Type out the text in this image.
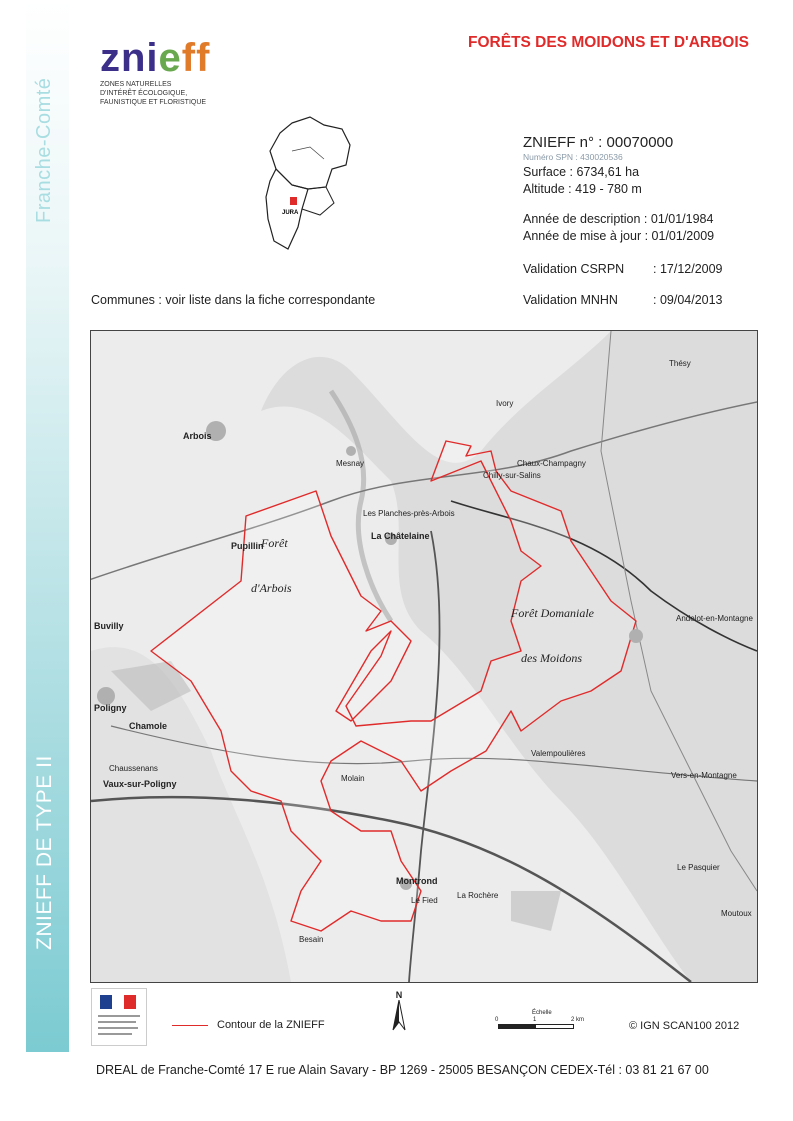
Franche-Comté
ZNIEFF DE TYPE II
znieff
ZONES NATURELLES
D'INTÉRÊT ÉCOLOGIQUE,
FAUNISTIQUE ET FLORISTIQUE
FORÊTS DES MOIDONS ET D'ARBOIS
JURA
ZNIEFF n° : 00070000
Numéro SPN : 430020536
Surface : 6734,61 ha
Altitude : 419 - 780 m
Année de description : 01/01/1984
Année de mise à jour : 01/01/2009
Validation CSRPN : 17/12/2009
Validation MNHN	: 09/04/2013
Communes : voir liste dans la fiche correspondante
Arbois
Mesnay
Pupillin
Buvilly
Poligny
Chamole
Chaussenans
Vaux-sur-Poligny
Molain
Montrond
Besain
Ivory
Chilly-sur-Salins
Chaux-Champagny
Thésy
Andelot-en-Montagne
Valempoulières
Vers-en-Montagne
Le Pasquier
La Châtelaine
Les Planches-près-Arbois
Le Fied
Moutoux
La Rochère
Forêt
d'Arbois
Forêt Domaniale
des Moidons
Contour de la ZNIEFF
N
Échelle
0	1	2 km	© IGN SCAN100 2012
DREAL de Franche-Comté 17 E rue Alain Savary - BP 1269 - 25005 BESANÇON CEDEX-Tél : 03 81 21 67 00
